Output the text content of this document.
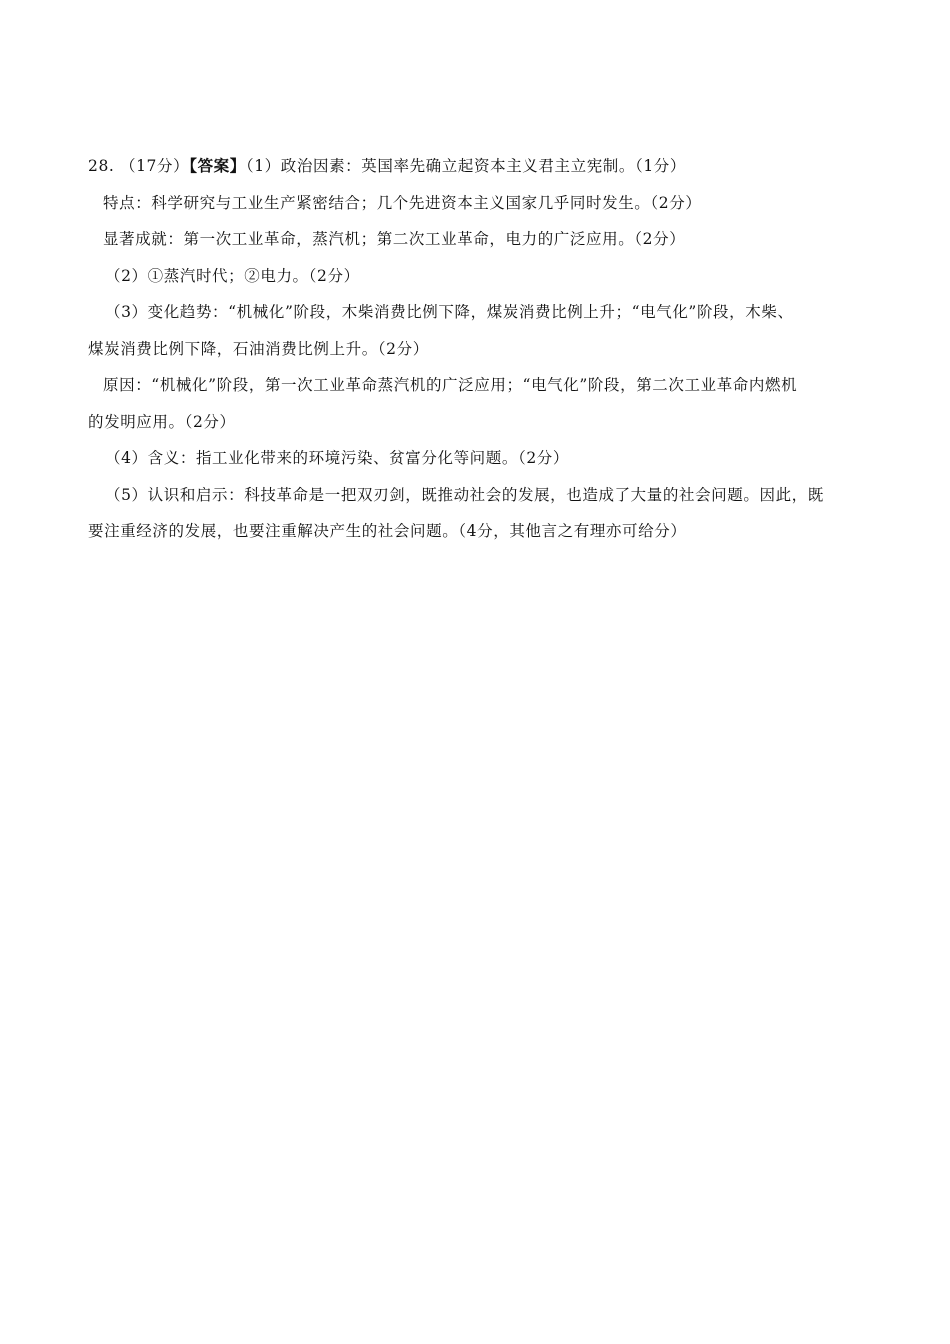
28. （17分）【答案】（1）政治因素：英国率先确立起资本主义君主立宪制。（1分）
特点：科学研究与工业生产紧密结合；几个先进资本主义国家几乎同时发生。（2分）
显著成就：第一次工业革命，蒸汽机；第二次工业革命，电力的广泛应用。（2分）
（2）①蒸汽时代；②电力。（2分）
（3）变化趋势：“机械化”阶段，木柴消费比例下降，煤炭消费比例上升；“电气化”阶段，木柴、
煤炭消费比例下降，石油消费比例上升。（2分）
原因：“机械化”阶段，第一次工业革命蒸汽机的广泛应用；“电气化”阶段，第二次工业革命内燃机
的发明应用。（2分）
（4）含义：指工业化带来的环境污染、贫富分化等问题。（2分）
（5）认识和启示：科技革命是一把双刃剑，既推动社会的发展，也造成了大量的社会问题。因此，既
要注重经济的发展，也要注重解决产生的社会问题。（4分，其他言之有理亦可给分）
